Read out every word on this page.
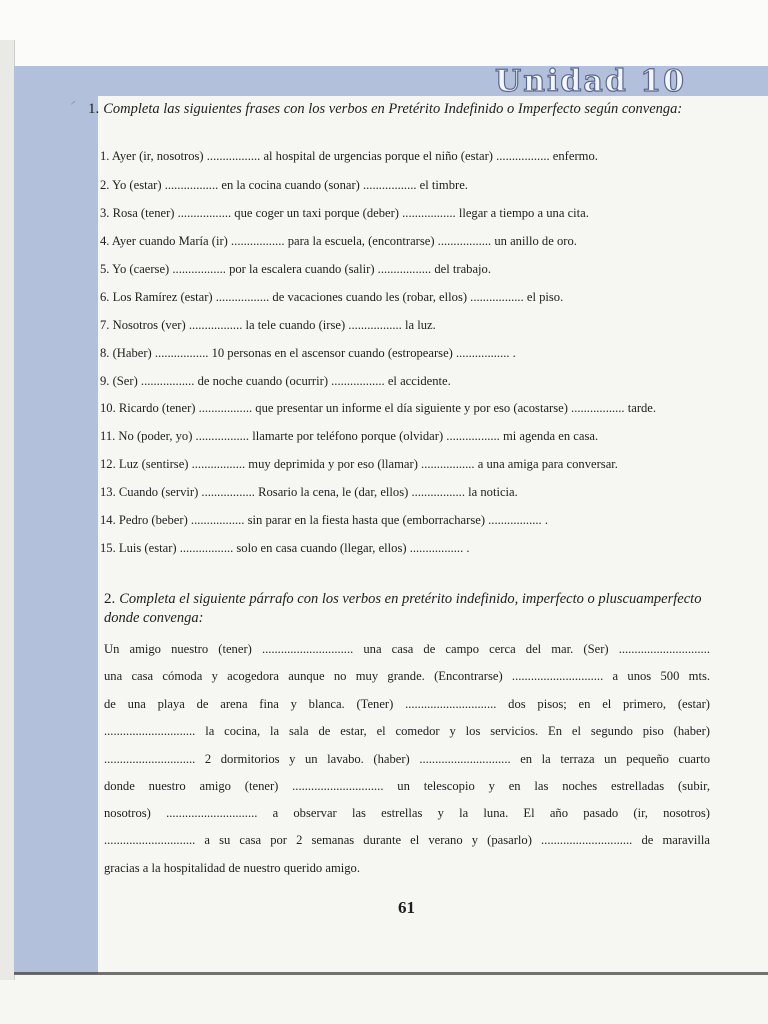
Unidad 10
~ 1. Completa las siguientes frases con los verbos en Pretérito Indefinido o Imperfecto según convenga:
1. Ayer (ir, nosotros) ................. al hospital de urgencias porque el niño (estar) ................. enfermo.
2. Yo (estar) ................. en la cocina cuando (sonar) ................. el timbre.
3. Rosa (tener) ................. que coger un taxi porque (deber) ................. llegar a tiempo a una cita.
4. Ayer cuando María (ir) ................. para la escuela, (encontrarse) ................. un anillo de oro.
5. Yo (caerse) ................. por la escalera cuando (salir) ................. del trabajo.
6. Los Ramírez (estar) ................. de vacaciones cuando les (robar, ellos) ................. el piso.
7. Nosotros (ver) ................. la tele cuando (irse) ................. la luz.
8. (Haber) ................. 10 personas en el ascensor cuando (estropearse) ................. .
9. (Ser) ................. de noche cuando (ocurrir) ................. el accidente.
10. Ricardo (tener) ................. que presentar un informe el día siguiente y por eso (acostarse) ................. tarde.
11. No (poder, yo) ................. llamarte por teléfono porque (olvidar) ................. mi agenda en casa.
12. Luz (sentirse) ................. muy deprimida y por eso (llamar) ................. a una amiga para conversar.
13. Cuando (servir) ................. Rosario la cena, le (dar, ellos) ................. la noticia.
14. Pedro (beber) ................. sin parar en la fiesta hasta que (emborracharse) ................. .
15. Luis (estar) ................. solo en casa cuando (llegar, ellos) ................. .
2. Completa el siguiente párrafo con los verbos en pretérito indefinido, imperfecto o pluscuamperfecto donde convenga:
Un amigo nuestro (tener) ............................. una casa de campo cerca del mar. (Ser) .............................
una casa cómoda y acogedora aunque no muy grande. (Encontrarse) ............................. a unos 500 mts.
de una playa de arena fina y blanca. (Tener) ............................. dos pisos; en el primero, (estar)
............................. la cocina, la sala de estar, el comedor y los servicios. En el segundo piso (haber)
............................. 2 dormitorios y un lavabo. (haber) ............................. en la terraza un pequeño cuarto
donde nuestro amigo (tener) ............................. un telescopio y en las noches estrelladas (subir,
nosotros) ............................. a observar las estrellas y la luna. El año pasado (ir, nosotros)
............................. a su casa por 2 semanas durante el verano y (pasarlo) ............................. de maravilla
gracias a la hospitalidad de nuestro querido amigo.
61
